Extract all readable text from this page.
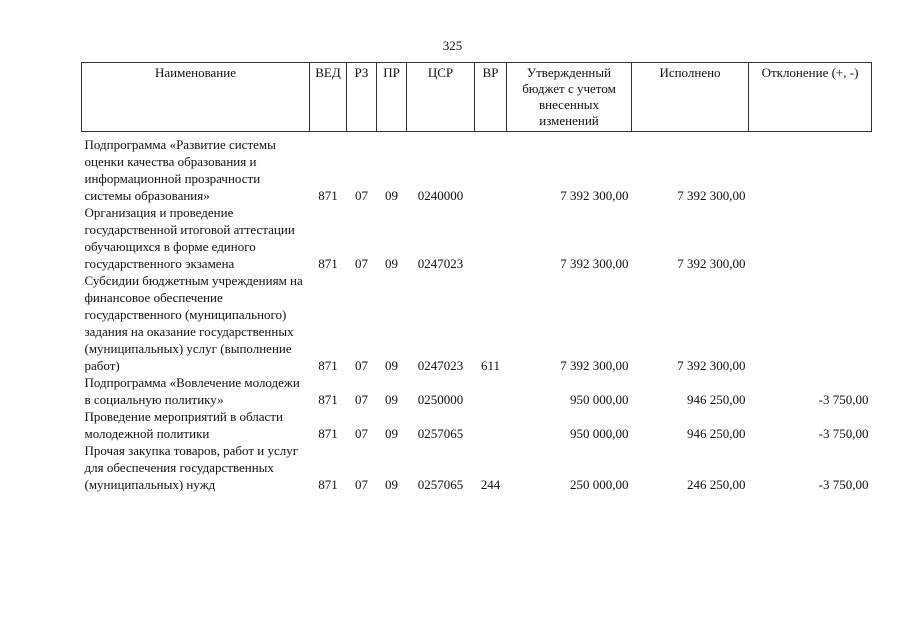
325
Наименование	ВЕД	РЗ	ПР	ЦСР	ВР	Утвержденный бюджет с учетом внесенных изменений	Исполнено	Отклонение (+, -)

Подпрограмма «Развитие системы оценки качества образования и информационной прозрачности системы образования»	871	07	09	0240000		7 392 300,00	7 392 300,00	
Организация и проведение государственной итоговой аттестации обучающихся в форме единого государственного экзамена	871	07	09	0247023		7 392 300,00	7 392 300,00	
Субсидии бюджетным учреждениям на финансовое обеспечение государственного (муниципального) задания на оказание государственных (муниципальных) услуг (выполнение работ)	871	07	09	0247023	611	7 392 300,00	7 392 300,00	
Подпрограмма «Вовлечение молодежи в социальную политику»	871	07	09	0250000		950 000,00	946 250,00	-3 750,00
Проведение мероприятий в области молодежной политики	871	07	09	0257065		950 000,00	946 250,00	-3 750,00
Прочая закупка товаров, работ и услуг для обеспечения государственных (муниципальных) нужд	871	07	09	0257065	244	250 000,00	246 250,00	-3 750,00
